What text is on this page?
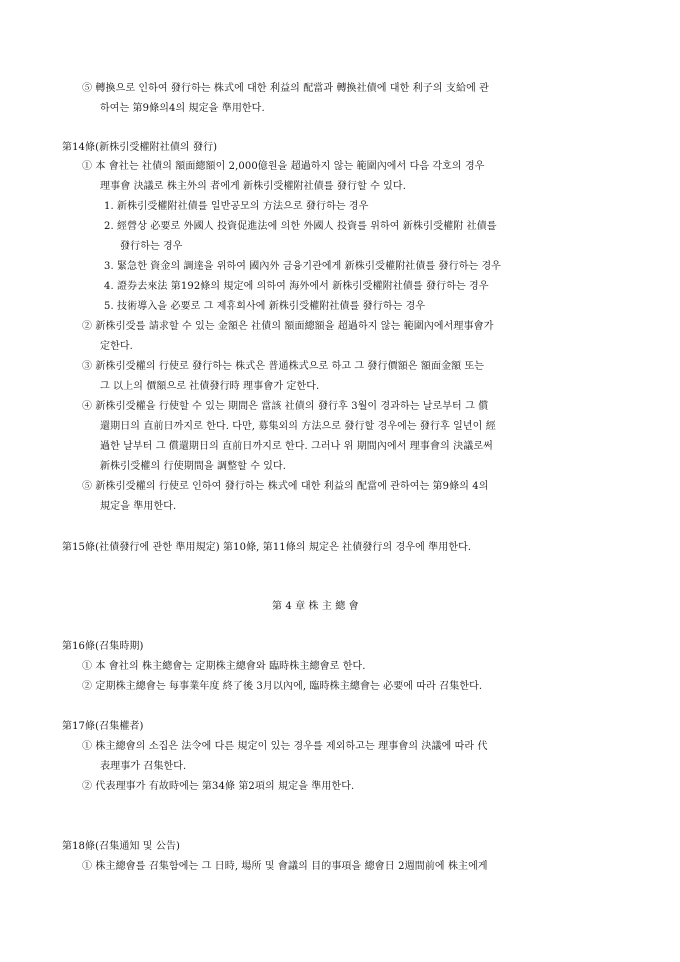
⑤ 轉換으로 인하여 發行하는 株式에 대한 利益의 配當과 轉換社債에 대한 利子의 支給에 관
하여는 第9條의4의 規定을 準用한다.
第14條(新株引受權附社債의 發行)
① 本 會社는 社債의 額面總額이 2,000億원을 超過하지 않는 範圍內에서 다음 각호의 경우
理事會 決議로 株主外의 者에게 新株引受權附社債를 發行할 수 있다.
1. 新株引受權附社債를 일반공모의 方法으로 發行하는 경우
2. 經營상 必要로 外國人 投資促進法에 의한 外國人 投資를 위하여 新株引受權附 社債를
發行하는 경우
3. 緊急한 資金의 調達을 위하여 國內外 금융기관에게 新株引受權附社債를 發行하는 경우
4. 證券去來法 第192條의 規定에 의하여 海外에서 新株引受權附社債를 發行하는 경우
5. 技術導入을 必要로 그 제휴회사에 新株引受權附社債를 發行하는 경우
② 新株引受를 請求할 수 있는 金額은 社債의 額面總額을 超過하지 않는 範圍內에서理事會가
定한다.
③ 新株引受權의 行使로 發行하는 株式은 普通株式으로 하고 그 發行價額은 額面金額 또는
그 以上의 價額으로 社債發行時 理事會가 定한다.
④ 新株引受權을 行使할 수 있는 期間은 當該 社債의 發行후 3월이 경과하는 날로부터 그 償
還期日의 直前日까지로 한다. 다만, 募集외의 方法으로 發行할 경우에는 發行후 일년이 經
過한 날부터 그 償還期日의 直前日까지로 한다. 그러나 위 期間內에서 理事會의 決議로써
新株引受權의 行使期間을 調整할 수 있다.
⑤ 新株引受權의 行使로 인하여 發行하는 株式에 대한 利益의 配當에 관하여는 第9條의 4의
規定을 準用한다.
第15條(社債發行에 관한 準用規定) 第10條, 第11條의 規定은 社債發行의 경우에 準用한다.
第 4 章 株 主 總 會
第16條(召集時期)
① 本 會社의 株主總會는 定期株主總會와 臨時株主總會로 한다.
② 定期株主總會는 每事業年度 終了後 3月以內에, 臨時株主總會는 必要에 따라 召集한다.
第17條(召集權者)
① 株主總會의 소집은 法令에 다른 規定이 있는 경우를 제외하고는 理事會의 決議에 따라 代
表理事가 召集한다.
② 代表理事가 有故時에는 第34條 第2項의 規定을 準用한다.
第18條(召集通知 및 公告)
① 株主總會를 召集함에는 그 日時, 場所 및 會議의 目的事項을 總會日 2週間前에 株主에게
